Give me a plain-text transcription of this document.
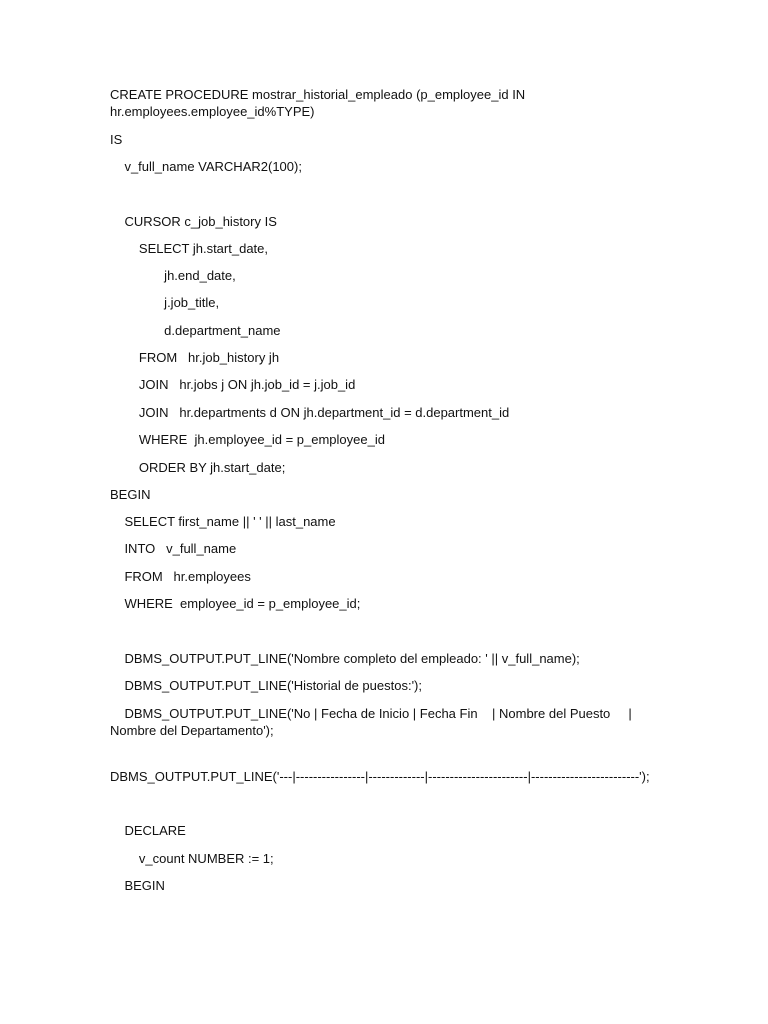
CREATE PROCEDURE mostrar_historial_empleado (p_employee_id IN
hr.employees.employee_id%TYPE)
IS
v_full_name VARCHAR2(100);
CURSOR c_job_history IS
SELECT jh.start_date,
jh.end_date,
j.job_title,
d.department_name
FROM   hr.job_history jh
JOIN   hr.jobs j ON jh.job_id = j.job_id
JOIN   hr.departments d ON jh.department_id = d.department_id
WHERE  jh.employee_id = p_employee_id
ORDER BY jh.start_date;
BEGIN
SELECT first_name || ' ' || last_name
INTO   v_full_name
FROM   hr.employees
WHERE  employee_id = p_employee_id;
DBMS_OUTPUT.PUT_LINE('Nombre completo del empleado: ' || v_full_name);
DBMS_OUTPUT.PUT_LINE('Historial de puestos:');
DBMS_OUTPUT.PUT_LINE('No | Fecha de Inicio | Fecha Fin    | Nombre del Puesto     |
Nombre del Departamento');
DBMS_OUTPUT.PUT_LINE('---|----------------|-------------|-----------------------|-------------------------');
DECLARE
v_count NUMBER := 1;
BEGIN
